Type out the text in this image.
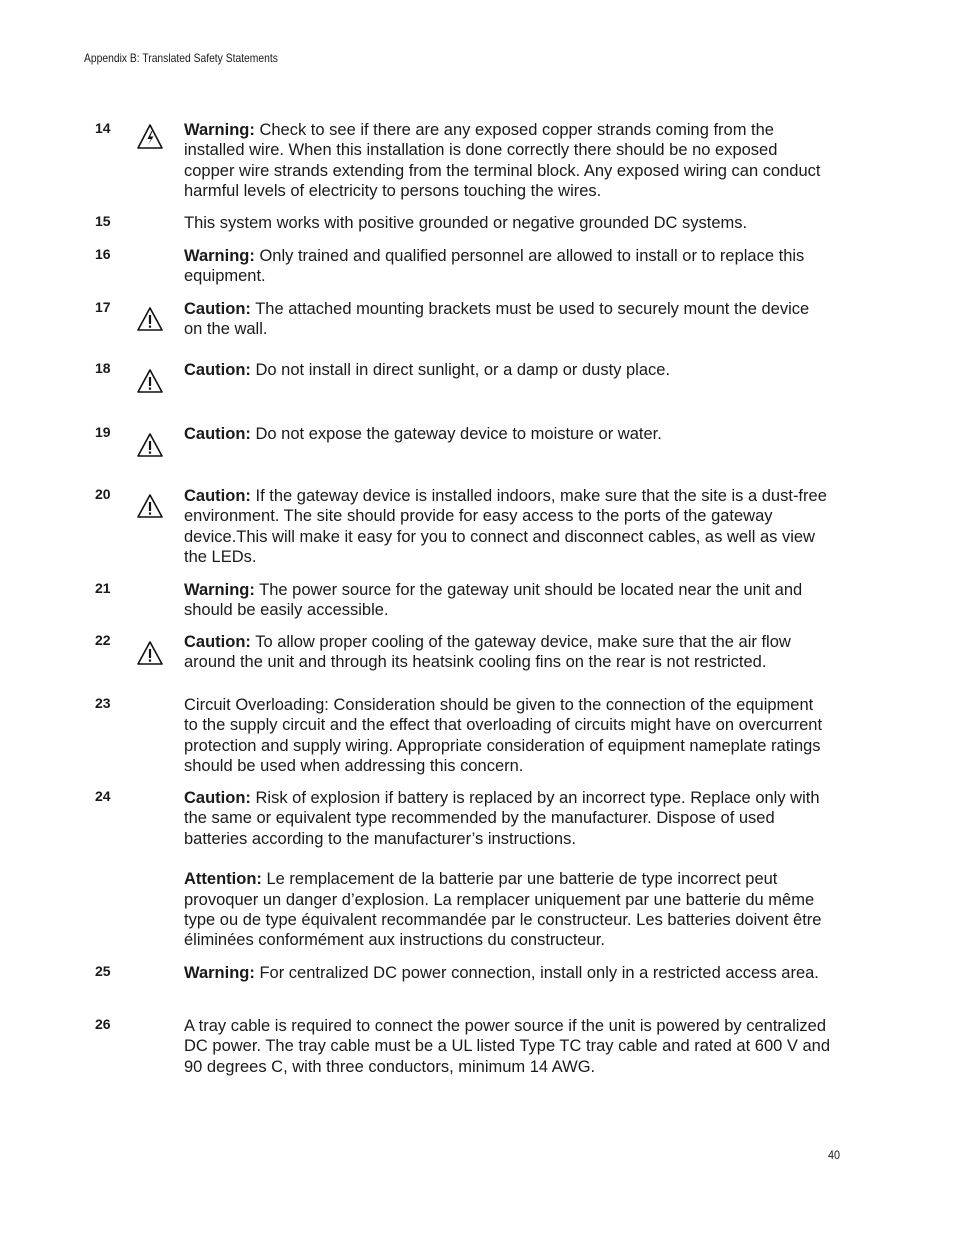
Appendix B: Translated Safety Statements
14	Warning: Check to see if there are any exposed copper strands coming from the installed wire. When this installation is done correctly there should be no exposed copper wire strands extending from the terminal block. Any exposed wiring can conduct harmful levels of electricity to persons touching the wires.

15	This system works with positive grounded or negative grounded DC systems.

16	Warning: Only trained and qualified personnel are allowed to install or to replace this equipment.

17	Caution: The attached mounting brackets must be used to securely mount the device on the wall.

18	Caution: Do not install in direct sunlight, or a damp or dusty place.

19	Caution: Do not expose the gateway device to moisture or water.

20	Caution: If the gateway device is installed indoors, make sure that the site is a dust-free environment. The site should provide for easy access to the ports of the gateway device.This will make it easy for you to connect and disconnect cables, as well as view the LEDs.

21	Warning: The power source for the gateway unit should be located near the unit and should be easily accessible.

22	Caution: To allow proper cooling of the gateway device, make sure that the air flow around the unit and through its heatsink cooling fins on the rear is not restricted.

23	Circuit Overloading: Consideration should be given to the connection of the equipment to the supply circuit and the effect that overloading of circuits might have on overcurrent protection and supply wiring. Appropriate consideration of equipment nameplate ratings should be used when addressing this concern.

24	Caution: Risk of explosion if battery is replaced by an incorrect type. Replace only with the same or equivalent type recommended by the manufacturer. Dispose of used batteries according to the manufacturer’s instructions.

Attention: Le remplacement de la batterie par une batterie de type incorrect peut provoquer un danger d’explosion. La remplacer uniquement par une batterie du même type ou de type équivalent recommandée par le constructeur. Les batteries doivent être éliminées conformément aux instructions du constructeur.

25	Warning: For centralized DC power connection, install only in a restricted access area.

26	A tray cable is required to connect the power source if the unit is powered by centralized DC power. The tray cable must be a UL listed Type TC tray cable and rated at 600 V and 90 degrees C, with three conductors, minimum 14 AWG.

40
